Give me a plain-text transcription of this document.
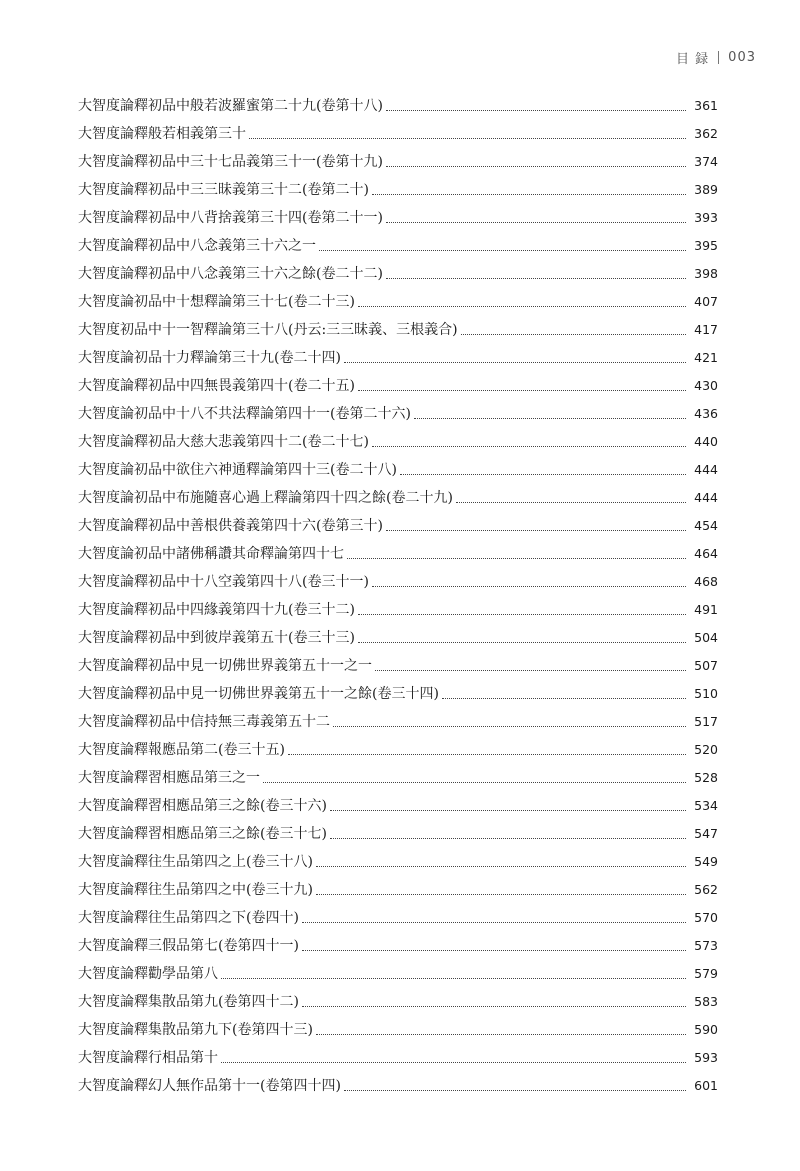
目 録 003
大智度論釋初品中般若波羅蜜第二十九(卷第十八)	361
大智度論釋般若相義第三十	362
大智度論釋初品中三十七品義第三十一(卷第十九)	374
大智度論釋初品中三三昧義第三十二(卷第二十)	389
大智度論釋初品中八背捨義第三十四(卷第二十一)	393
大智度論釋初品中八念義第三十六之一	395
大智度論釋初品中八念義第三十六之餘(卷二十二)	398
大智度論初品中十想釋論第三十七(卷二十三)	407
大智度初品中十一智釋論第三十八(丹云:三三昧義、三根義合)	417
大智度論初品十力釋論第三十九(卷二十四)	421
大智度論釋初品中四無畏義第四十(卷二十五)	430
大智度論初品中十八不共法釋論第四十一(卷第二十六)	436
大智度論釋初品大慈大悲義第四十二(卷二十七)	440
大智度論初品中欲住六神通釋論第四十三(卷二十八)	444
大智度論初品中布施隨喜心過上釋論第四十四之餘(卷二十九)	444
大智度論釋初品中善根供養義第四十六(卷第三十)	454
大智度論初品中諸佛稱讚其命釋論第四十七	464
大智度論釋初品中十八空義第四十八(卷三十一)	468
大智度論釋初品中四緣義第四十九(卷三十二)	491
大智度論釋初品中到彼岸義第五十(卷三十三)	504
大智度論釋初品中見一切佛世界義第五十一之一	507
大智度論釋初品中見一切佛世界義第五十一之餘(卷三十四)	510
大智度論釋初品中信持無三毒義第五十二	517
大智度論釋報應品第二(卷三十五)	520
大智度論釋習相應品第三之一	528
大智度論釋習相應品第三之餘(卷三十六)	534
大智度論釋習相應品第三之餘(卷三十七)	547
大智度論釋往生品第四之上(卷三十八)	549
大智度論釋往生品第四之中(卷三十九)	562
大智度論釋往生品第四之下(卷四十)	570
大智度論釋三假品第七(卷第四十一)	573
大智度論釋勸學品第八	579
大智度論釋集散品第九(卷第四十二)	583
大智度論釋集散品第九下(卷第四十三)	590
大智度論釋行相品第十	593
大智度論釋幻人無作品第十一(卷第四十四)	601
